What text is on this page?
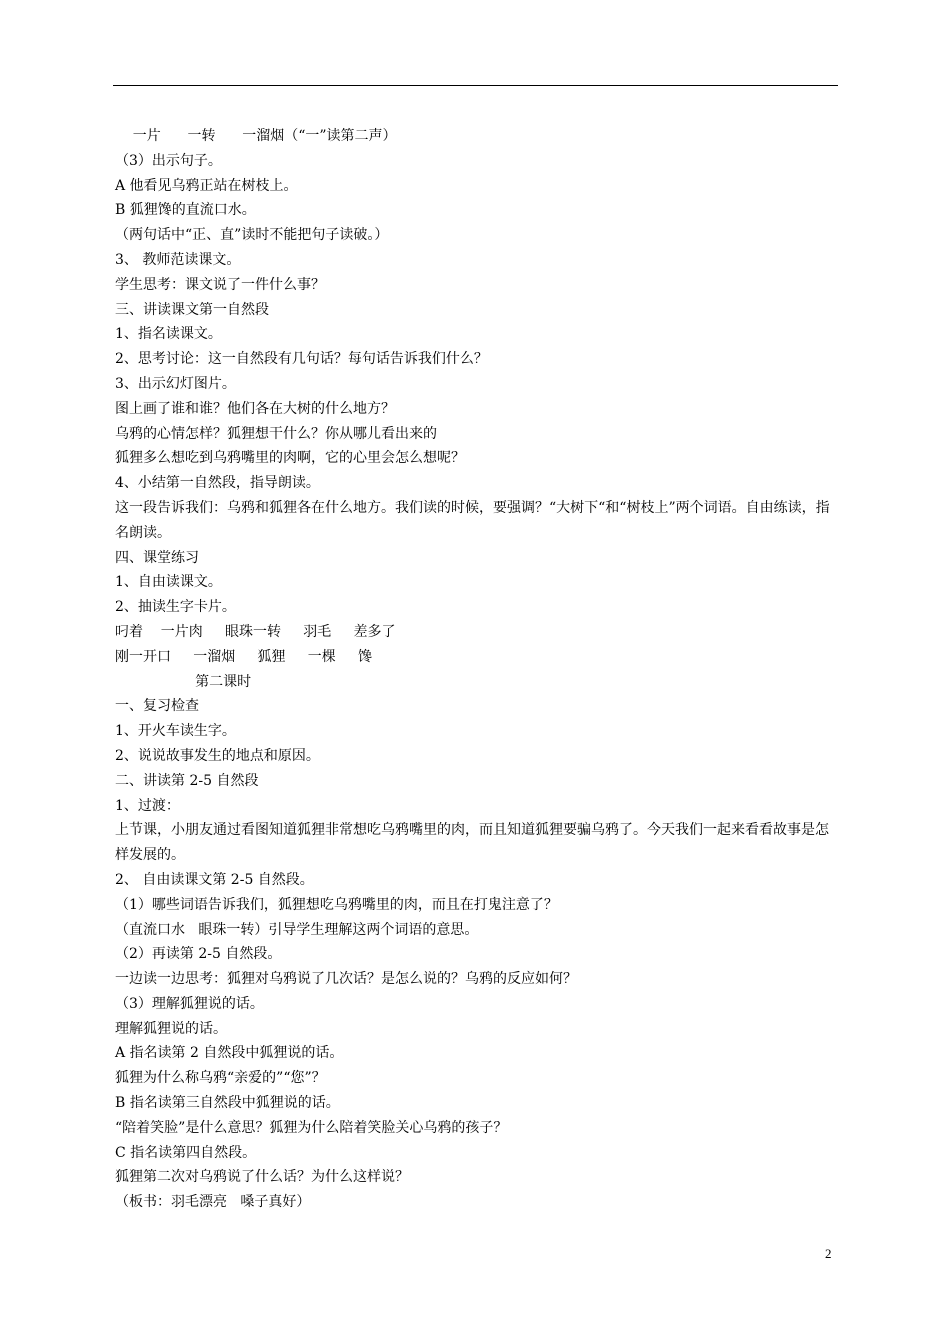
一片      一转      一溜烟（“一”读第二声）
（3）出示句子。
A 他看见乌鸦正站在树枝上。
B 狐狸馋的直流口水。
（两句话中“正、直”读时不能把句子读破。）
3、 教师范读课文。
学生思考：课文说了一件什么事？
三、讲读课文第一自然段
1、指名读课文。
2、思考讨论：这一自然段有几句话？每句话告诉我们什么？
3、出示幻灯图片。
图上画了谁和谁？他们各在大树的什么地方？
乌鸦的心情怎样？狐狸想干什么？你从哪儿看出来的
狐狸多么想吃到乌鸦嘴里的肉啊，它的心里会怎么想呢？
4、小结第一自然段，指导朗读。
这一段告诉我们：乌鸦和狐狸各在什么地方。我们读的时候，要强调？“大树下“和“树枝上”两个词语。自由练读，指名朗读。
四、课堂练习
1、自由读课文。
2、抽读生字卡片。
叼着    一片肉     眼珠一转     羽毛     差多了
刚一开口     一溜烟     狐狸     一棵     馋
第二课时
一、复习检查
1、开火车读生字。
2、说说故事发生的地点和原因。
二、讲读第 2-5 自然段
1、过渡：
上节课，小朋友通过看图知道狐狸非常想吃乌鸦嘴里的肉，而且知道狐狸要骗乌鸦了。今天我们一起来看看故事是怎样发展的。
2、 自由读课文第 2-5 自然段。
（1）哪些词语告诉我们，狐狸想吃乌鸦嘴里的肉，而且在打鬼注意了？
（直流口水   眼珠一转）引导学生理解这两个词语的意思。
（2）再读第 2-5 自然段。
一边读一边思考：狐狸对乌鸦说了几次话？是怎么说的？乌鸦的反应如何？
（3）理解狐狸说的话。
理解狐狸说的话。
A 指名读第 2 自然段中狐狸说的话。
狐狸为什么称乌鸦“亲爱的”“您”？
B 指名读第三自然段中狐狸说的话。
“陪着笑脸”是什么意思？狐狸为什么陪着笑脸关心乌鸦的孩子？
C 指名读第四自然段。
狐狸第二次对乌鸦说了什么话？为什么这样说？
（板书：羽毛漂亮   嗓子真好）
2
